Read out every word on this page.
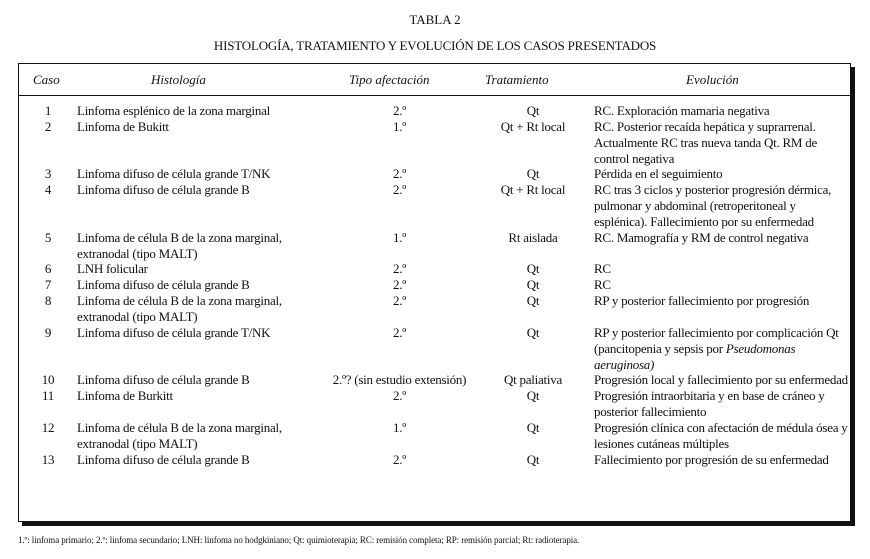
TABLA 2
HISTOLOGÍA, TRATAMIENTO Y EVOLUCIÓN DE LOS CASOS PRESENTADOS
Caso	Histología	Tipo afectación	Tratamiento	Evolución
1	Linfoma esplénico de la zona marginal	2.º	Qt	RC. Exploración mamaria negativa
2	Linfoma de Bukitt	1.º	Qt + Rt local	RC. Posterior recaída hepática y suprarrenal. Actualmente RC tras nueva tanda Qt. RM de control negativa
3	Linfoma difuso de célula grande T/NK	2.º	Qt	Pérdida en el seguimiento
4	Linfoma difuso de célula grande B	2.º	Qt + Rt local	RC tras 3 ciclos y posterior progresión dérmica, pulmonar y abdominal (retroperitoneal y esplénica). Fallecimiento por su enfermedad
5	Linfoma de célula B de la zona marginal, extranodal (tipo MALT)	1.º	Rt aislada	RC. Mamografía y RM de control negativa
6	LNH folicular	2.º	Qt	RC
7	Linfoma difuso de célula grande B	2.º	Qt	RC
8	Linfoma de célula B de la zona marginal, extranodal (tipo MALT)	2.º	Qt	RP y posterior fallecimiento por progresión
9	Linfoma difuso de célula grande T/NK	2.º	Qt	RP y posterior fallecimiento por complicación Qt (pancitopenia y sepsis por Pseudomonas aeruginosa)
10	Linfoma difuso de célula grande B	2.º? (sin estudio extensión)	Qt paliativa	Progresión local y fallecimiento por su enfermedad
11	Linfoma de Burkitt	2.º	Qt	Progresión intraorbitaria y en base de cráneo y posterior fallecimiento
12	Linfoma de célula B de la zona marginal, extranodal (tipo MALT)	1.º	Qt	Progresión clínica con afectación de médula ósea y lesiones cutáneas múltiples
13	Linfoma difuso de célula grande B	2.º	Qt	Fallecimiento por progresión de su enfermedad
1.º: linfoma primario; 2.º: linfoma secundario; LNH: linfoma no hodgkiniano; Qt: quimioterapia; RC: remisión completa; RP: remisión parcial; Rt: radioterapia.
